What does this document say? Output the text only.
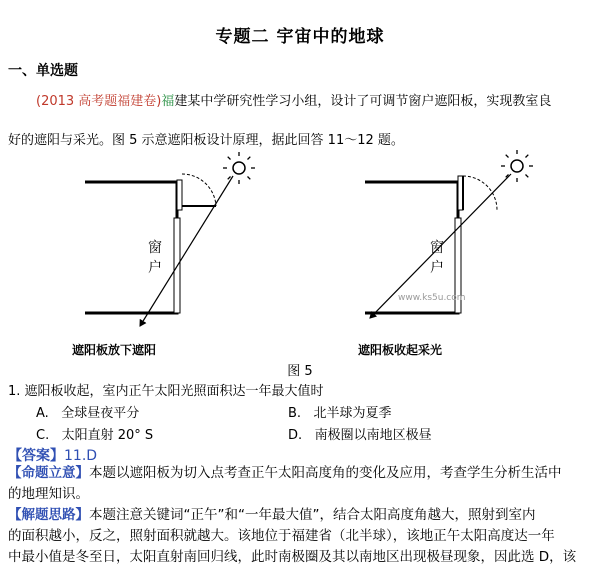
专题二 宇宙中的地球
一、单选题
(2013 高考题福建卷)福建某中学研究性学习小组，设计了可调节窗户遮阳板，实现教室良
好的遮阳与采光。图 5 示意遮阳板设计原理，据此回答 11～12 题。
窗
户
遮阳板放下遮阳
窗
户
www.ks5u.com
遮阳板收起采光
图 5
1. 遮阳板收起，室内正午太阳光照面积达一年最大值时
A. 全球昼夜平分	B. 北半球为夏季
C. 太阳直射 20° S	D. 南极圈以南地区极昼
【答案】11.D
【命题立意】本题以遮阳板为切入点考查正午太阳高度角的变化及应用，考查学生分析生活中
的地理知识。
【解题思路】本题注意关键词“正午”和“一年最大值”，结合太阳高度角越大，照射到室内
的面积越小，反之，照射面积就越大。该地位于福建省（北半球），该地正午太阳高度达一年
中最小值是冬至日，太阳直射南回归线，此时南极圈及其以南地区出现极昼现象，因此选 D，该
